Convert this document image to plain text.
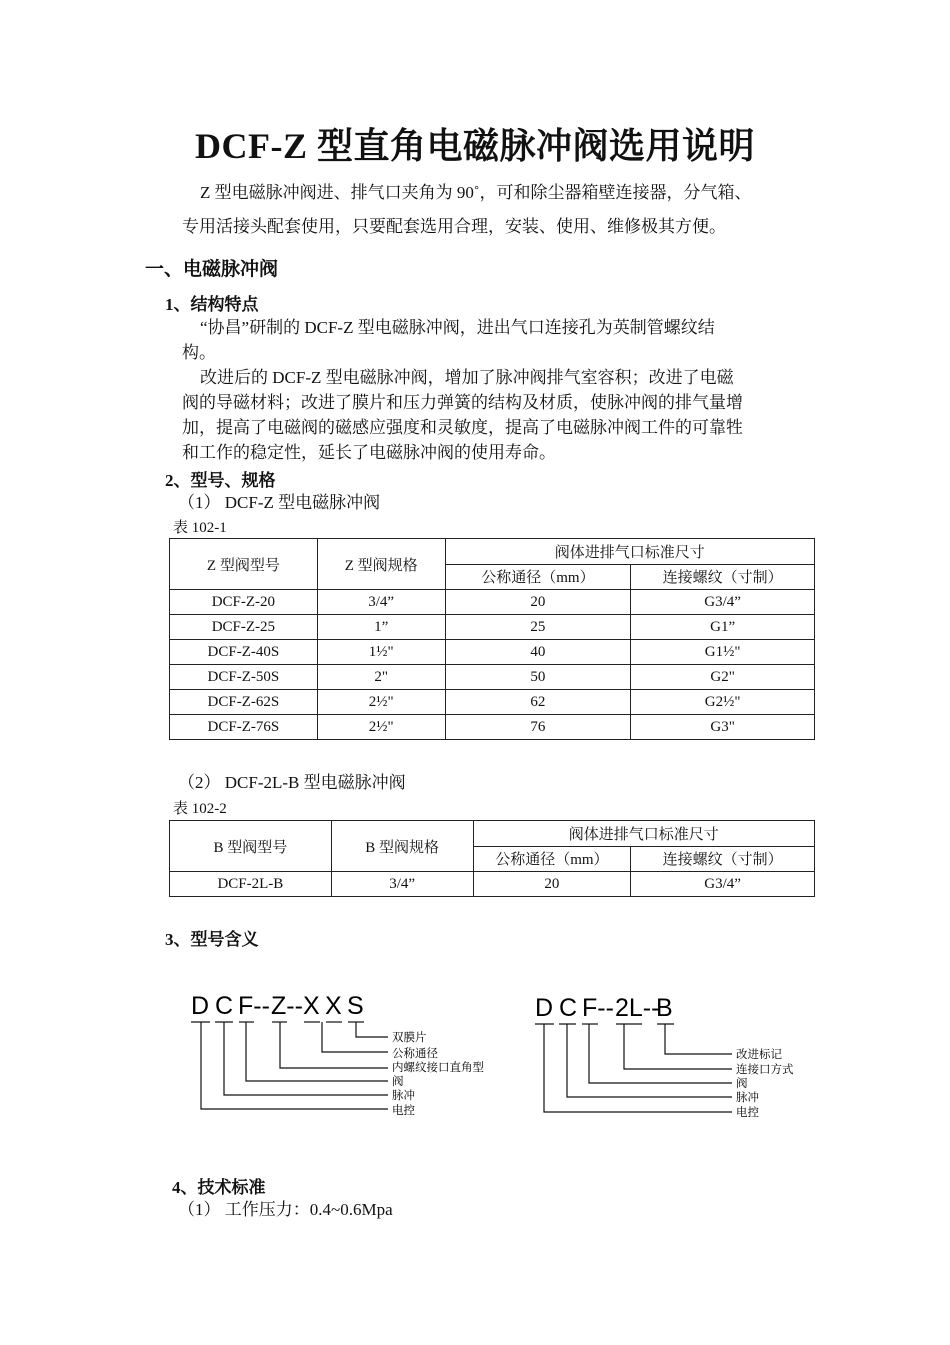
DCF-Z 型直角电磁脉冲阀选用说明
Z 型电磁脉冲阀进、排气口夹角为 90˚，可和除尘器箱壁连接器，分气箱、
专用活接头配套使用，只要配套选用合理，安装、使用、维修极其方便。
一、电磁脉冲阀
1、结构特点
“协昌”研制的 DCF-Z 型电磁脉冲阀，进出气口连接孔为英制管螺纹结
构。
改进后的 DCF-Z 型电磁脉冲阀，增加了脉冲阀排气室容积；改进了电磁
阀的导磁材料；改进了膜片和压力弹簧的结构及材质，使脉冲阀的排气量增
加，提高了电磁阀的磁感应强度和灵敏度，提高了电磁脉冲阀工件的可靠牲
和工作的稳定性，延长了电磁脉冲阀的使用寿命。
2、型号、规格
（1） DCF-Z 型电磁脉冲阀
表 102-1
Z 型阀型号	Z 型阀规格	阀体进排气口标准尺寸	
		公称通径（mm）	连接螺纹（寸制）
DCF-Z-20	3/4”	20	G3/4”
DCF-Z-25	1”	25	G1”
DCF-Z-40S	1½"	40	G1½"
DCF-Z-50S	2"	50	G2"
DCF-Z-62S	2½"	62	G2½"
DCF-Z-76S	2½"	76	G3"
（2） DCF-2L-B 型电磁脉冲阀
表 102-2
B 型阀型号	B 型阀规格	阀体进排气口标准尺寸	
		公称通径（mm）	连接螺纹（寸制）
DCF-2L-B	3/4”	20	G3/4”
3、型号含义
D C F-- Z-- X X S
双膜片
公称通径
内螺纹接口直角型
阀
脉冲
电控
D C F-- 2L--
B
改进标记
连接口方式
阀
脉冲
电控
4、技术标准
（1） 工作压力：0.4~0.6Mpa
